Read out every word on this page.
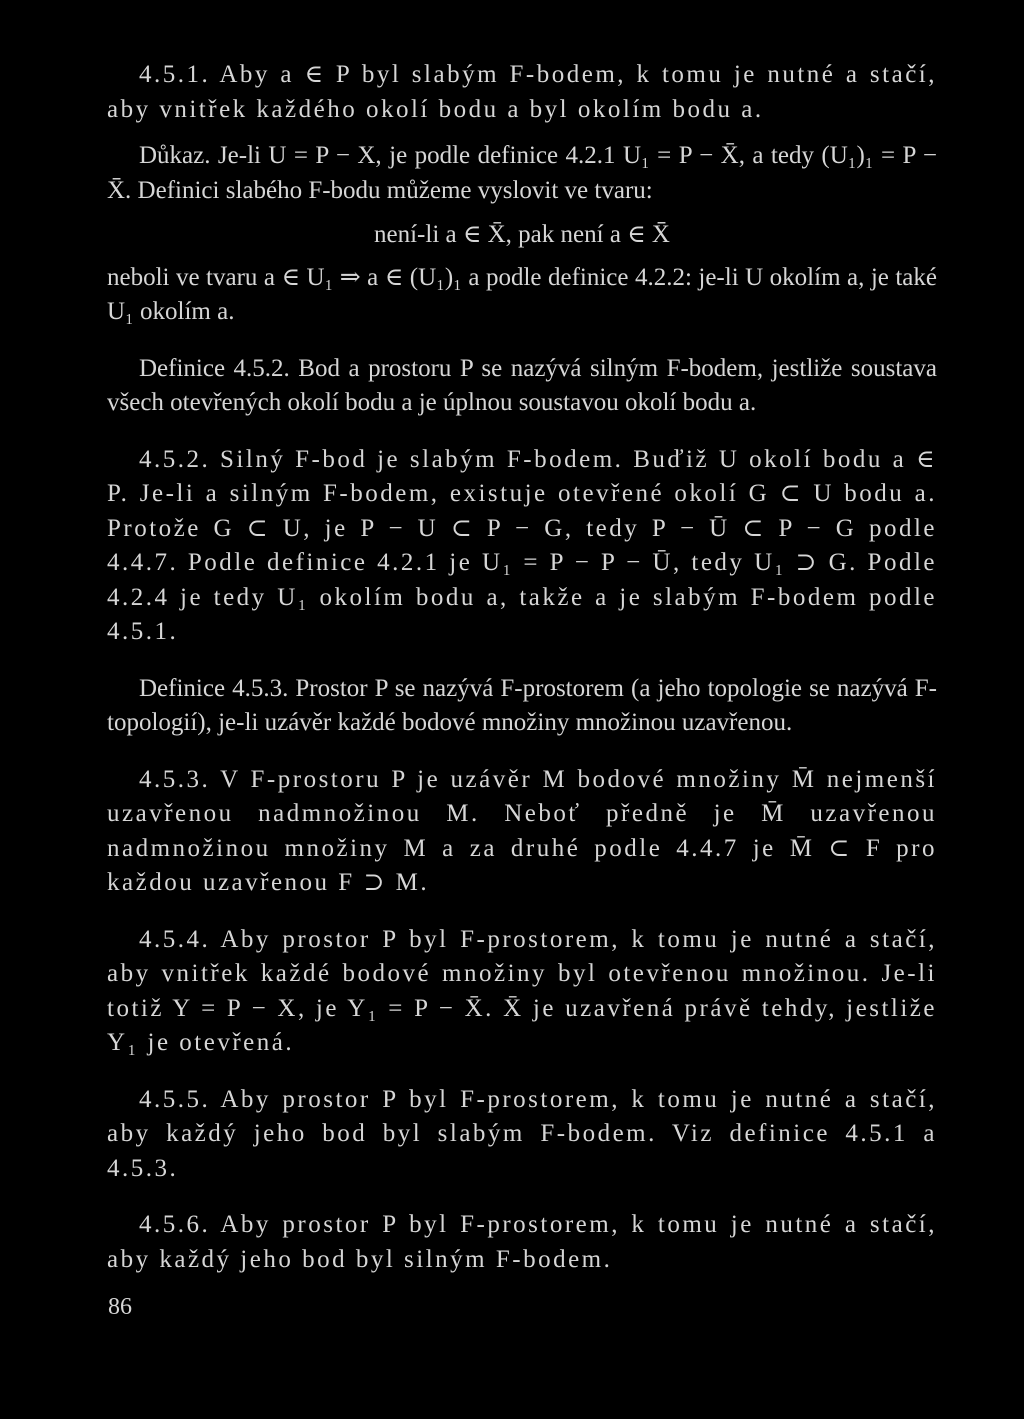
4.5.1. Aby a ∈ P byl slabým F-bodem, k tomu je nutné a stačí, aby vnitřek každého okolí bodu a byl okolím bodu a.

Důkaz. Je-li U = P − X, je podle definice 4.2.1 U₁ = P − X̄, a tedy (U₁)₁ = P − X̄̄. Definici slabého F-bodu můžeme vyslovit ve tvaru:

není-li a ∈ X̄, pak není a ∈ X̄̄

neboli ve tvaru a ∈ U₁ ⇒ a ∈ (U₁)₁ a podle definice 4.2.2: je-li U okolím a, je také U₁ okolím a.

Definice 4.5.2. Bod a prostoru P se nazývá silným F-bodem, jestliže soustava všech otevřených okolí bodu a je úplnou soustavou okolí bodu a.

4.5.2. Silný F-bod je slabým F-bodem. Buďiž U okolí bodu a ∈ P. Je-li a silným F-bodem, existuje otevřené okolí G ⊂ U bodu a. Protože G ⊂ U, je P − U ⊂ P − G, tedy P − Ū ⊂ P − G podle 4.4.7. Podle definice 4.2.1 je U₁ = P − P − Ū, tedy U₁ ⊃ G. Podle 4.2.4 je tedy U₁ okolím bodu a, takže a je slabým F-bodem podle 4.5.1.

Definice 4.5.3. Prostor P se nazývá F-prostorem (a jeho topologie se nazývá F-topologií), je-li uzávěr každé bodové množiny množinou uzavřenou.

4.5.3. V F-prostoru P je uzávěr M bodové množiny M̄ nejmenší uzavřenou nadmnožinou M. Neboť předně je M̄ uzavřenou nadmnožinou množiny M a za druhé podle 4.4.7 je M̄ ⊂ F pro každou uzavřenou F ⊃ M.

4.5.4. Aby prostor P byl F-prostorem, k tomu je nutné a stačí, aby vnitřek každé bodové množiny byl otevřenou množinou. Je-li totiž Y = P − X, je Y₁ = P − X̄. X̄ je uzavřená právě tehdy, jestliže Y₁ je otevřená.

4.5.5. Aby prostor P byl F-prostorem, k tomu je nutné a stačí, aby každý jeho bod byl slabým F-bodem. Viz definice 4.5.1 a 4.5.3.

4.5.6. Aby prostor P byl F-prostorem, k tomu je nutné a stačí, aby každý jeho bod byl silným F-bodem.

86
